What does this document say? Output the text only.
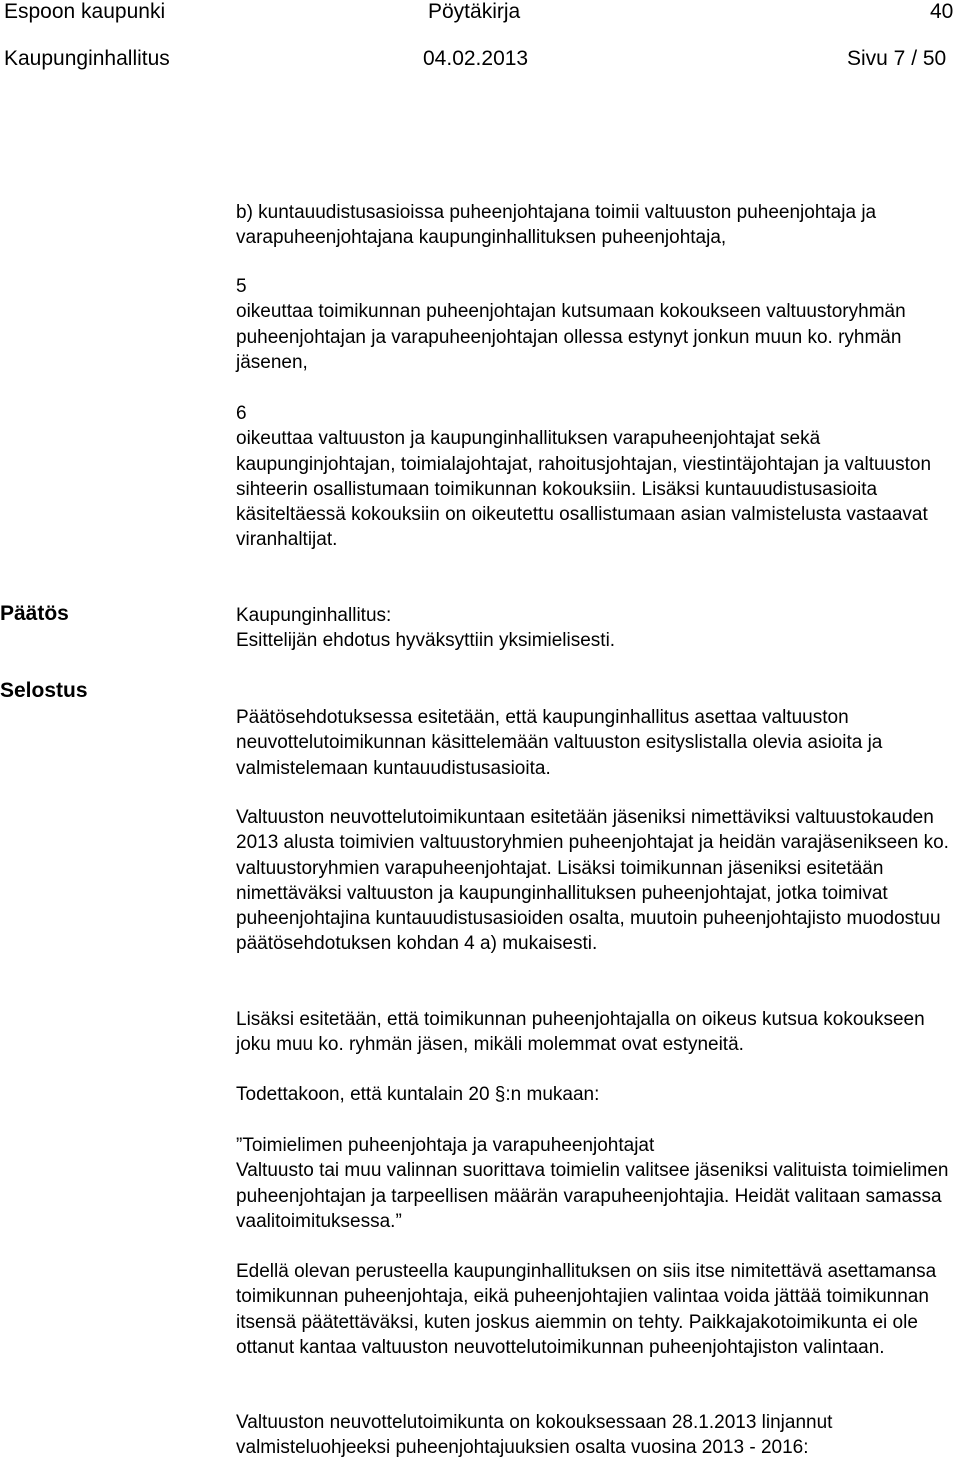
Espoon kaupunki	Pöytäkirja	40
Kaupunginhallitus	04.02.2013	Sivu 7 / 50

b) kuntauudistusasioissa puheenjohtajana toimii valtuuston puheenjohtaja ja varapuheenjohtajana kaupunginhallituksen puheenjohtaja,

5

oikeuttaa toimikunnan puheenjohtajan kutsumaan kokoukseen valtuustoryhmän puheenjohtajan ja varapuheenjohtajan ollessa estynyt jonkun muun ko. ryhmän jäsenen,

6

oikeuttaa valtuuston ja kaupunginhallituksen varapuheenjohtajat sekä kaupunginjohtajan, toimialajohtajat, rahoitusjohtajan, viestintäjohtajan ja valtuuston sihteerin osallistumaan toimikunnan kokouksiin. Lisäksi kuntauudistusasioita käsiteltäessä kokouksiin on oikeutettu osallistumaan asian valmistelusta vastaavat viranhaltijat.

Päätös	Kaupunginhallitus:

Esittelijän ehdotus hyväksyttiin yksimielisesti.

Selostus

Päätösehdotuksessa esitetään, että kaupunginhallitus asettaa valtuuston neuvottelutoimikunnan käsittelemään valtuuston esityslistalla olevia asioita ja valmistelemaan kuntauudistusasioita.

Valtuuston neuvottelutoimikuntaan esitetään jäseniksi nimettäviksi valtuustokauden 2013 alusta toimivien valtuustoryhmien puheenjohtajat ja heidän varajäsenikseen ko. valtuustoryhmien varapuheenjohtajat. Lisäksi toimikunnan jäseniksi esitetään nimettäväksi valtuuston ja kaupunginhallituksen puheenjohtajat, jotka toimivat puheenjohtajina kuntauudistusasioiden osalta, muutoin puheenjohtajisto muodostuu päätösehdotuksen kohdan 4 a) mukaisesti.

Lisäksi esitetään, että toimikunnan puheenjohtajalla on oikeus kutsua kokoukseen joku muu ko. ryhmän jäsen, mikäli molemmat ovat estyneitä.

Todettakoon, että kuntalain 20 §:n mukaan:

”Toimielimen puheenjohtaja ja varapuheenjohtajat

Valtuusto tai muu valinnan suorittava toimielin valitsee jäseniksi valituista toimielimen puheenjohtajan ja tarpeellisen määrän varapuheenjohtajia. Heidät valitaan samassa vaalitoimituksessa.”

Edellä olevan perusteella kaupunginhallituksen on siis itse nimitettävä asettamansa toimikunnan puheenjohtaja, eikä puheenjohtajien valintaa voida jättää toimikunnan itsensä päätettäväksi, kuten joskus aiemmin on tehty. Paikkajakotoimikunta ei ole ottanut kantaa valtuuston neuvottelutoimikunnan puheenjohtajiston valintaan.

Valtuuston neuvottelutoimikunta on kokouksessaan 28.1.2013 linjannut valmisteluohjeeksi puheenjohtajuuksien osalta vuosina 2013 - 2016:
